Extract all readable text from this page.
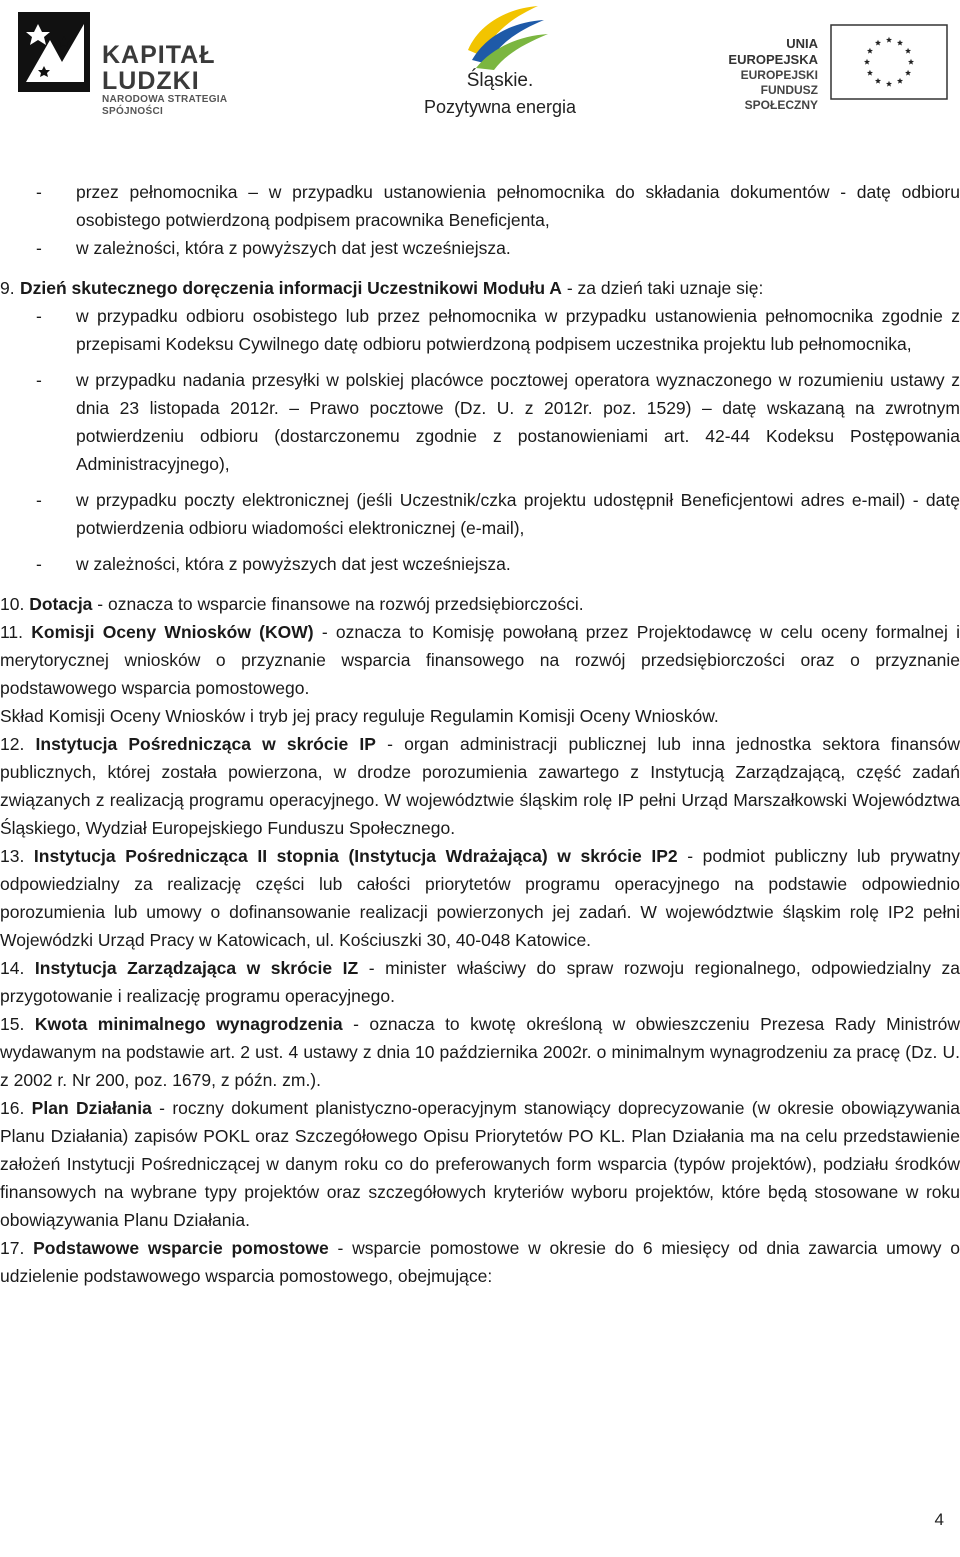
KAPITAŁ LUDZKI
NARODOWA STRATEGIA SPÓJNOŚCI
Śląskie.
Pozytywna energia
UNIA EUROPEJSKA
EUROPEJSKI
FUNDUSZ SPOŁECZNY

- przez pełnomocnika – w przypadku ustanowienia pełnomocnika do składania dokumentów - datę odbioru osobistego potwierdzoną podpisem pracownika Beneficjenta,

- w zależności, która z powyższych dat jest wcześniejsza.

9. Dzień skutecznego doręczenia informacji Uczestnikowi Modułu A - za dzień taki uznaje się:

- w przypadku odbioru osobistego lub przez pełnomocnika w przypadku ustanowienia pełnomocnika zgodnie z przepisami Kodeksu Cywilnego datę odbioru potwierdzoną podpisem uczestnika projektu lub pełnomocnika,

- w przypadku nadania przesyłki w polskiej placówce pocztowej operatora wyznaczonego w rozumieniu ustawy z dnia 23 listopada 2012r. – Prawo pocztowe (Dz. U. z 2012r. poz. 1529) – datę wskazaną na zwrotnym potwierdzeniu odbioru (dostarczonemu zgodnie z postanowieniami art. 42-44 Kodeksu Postępowania Administracyjnego),

- w przypadku poczty elektronicznej (jeśli Uczestnik/czka projektu udostępnił Beneficjentowi adres e-mail) - datę potwierdzenia odbioru wiadomości elektronicznej (e-mail),

- w zależności, która z powyższych dat jest wcześniejsza.

10. Dotacja - oznacza to wsparcie finansowe na rozwój przedsiębiorczości.

11. Komisji Oceny Wniosków (KOW) - oznacza to Komisję powołaną przez Projektodawcę w celu oceny formalnej i merytorycznej wniosków o przyznanie wsparcia finansowego na rozwój przedsiębiorczości oraz o przyznanie podstawowego wsparcia pomostowego.

Skład Komisji Oceny Wniosków i tryb jej pracy reguluje Regulamin Komisji Oceny Wniosków.

12. Instytucja Pośrednicząca w skrócie IP - organ administracji publicznej lub inna jednostka sektora finansów publicznych, której została powierzona, w drodze porozumienia zawartego z Instytucją Zarządzającą, część zadań związanych z realizacją programu operacyjnego. W województwie śląskim rolę IP pełni Urząd Marszałkowski Województwa Śląskiego, Wydział Europejskiego Funduszu Społecznego.

13. Instytucja Pośrednicząca II stopnia (Instytucja Wdrażająca) w skrócie IP2 - podmiot publiczny lub prywatny odpowiedzialny za realizację części lub całości priorytetów programu operacyjnego na podstawie odpowiednio porozumienia lub umowy o dofinansowanie realizacji powierzonych jej zadań. W województwie śląskim rolę IP2 pełni Wojewódzki Urząd Pracy w Katowicach, ul. Kościuszki 30, 40-048 Katowice.

14. Instytucja Zarządzająca w skrócie IZ - minister właściwy do spraw rozwoju regionalnego, odpowiedzialny za przygotowanie i realizację programu operacyjnego.

15. Kwota minimalnego wynagrodzenia - oznacza to kwotę określoną w obwieszczeniu Prezesa Rady Ministrów wydawanym na podstawie art. 2 ust. 4 ustawy z dnia 10 października 2002r. o minimalnym wynagrodzeniu za pracę (Dz. U. z 2002 r. Nr 200, poz. 1679, z późn. zm.).

16. Plan Działania - roczny dokument planistyczno-operacyjnym stanowiący doprecyzowanie (w okresie obowiązywania Planu Działania) zapisów POKL oraz Szczegółowego Opisu Priorytetów PO KL. Plan Działania ma na celu przedstawienie założeń Instytucji Pośredniczącej w danym roku co do preferowanych form wsparcia (typów projektów), podziału środków finansowych na wybrane typy projektów oraz szczegółowych kryteriów wyboru projektów, które będą stosowane w roku obowiązywania Planu Działania.

17. Podstawowe wsparcie pomostowe - wsparcie pomostowe w okresie do 6 miesięcy od dnia zawarcia umowy o udzielenie podstawowego wsparcia pomostowego, obejmujące:

4
